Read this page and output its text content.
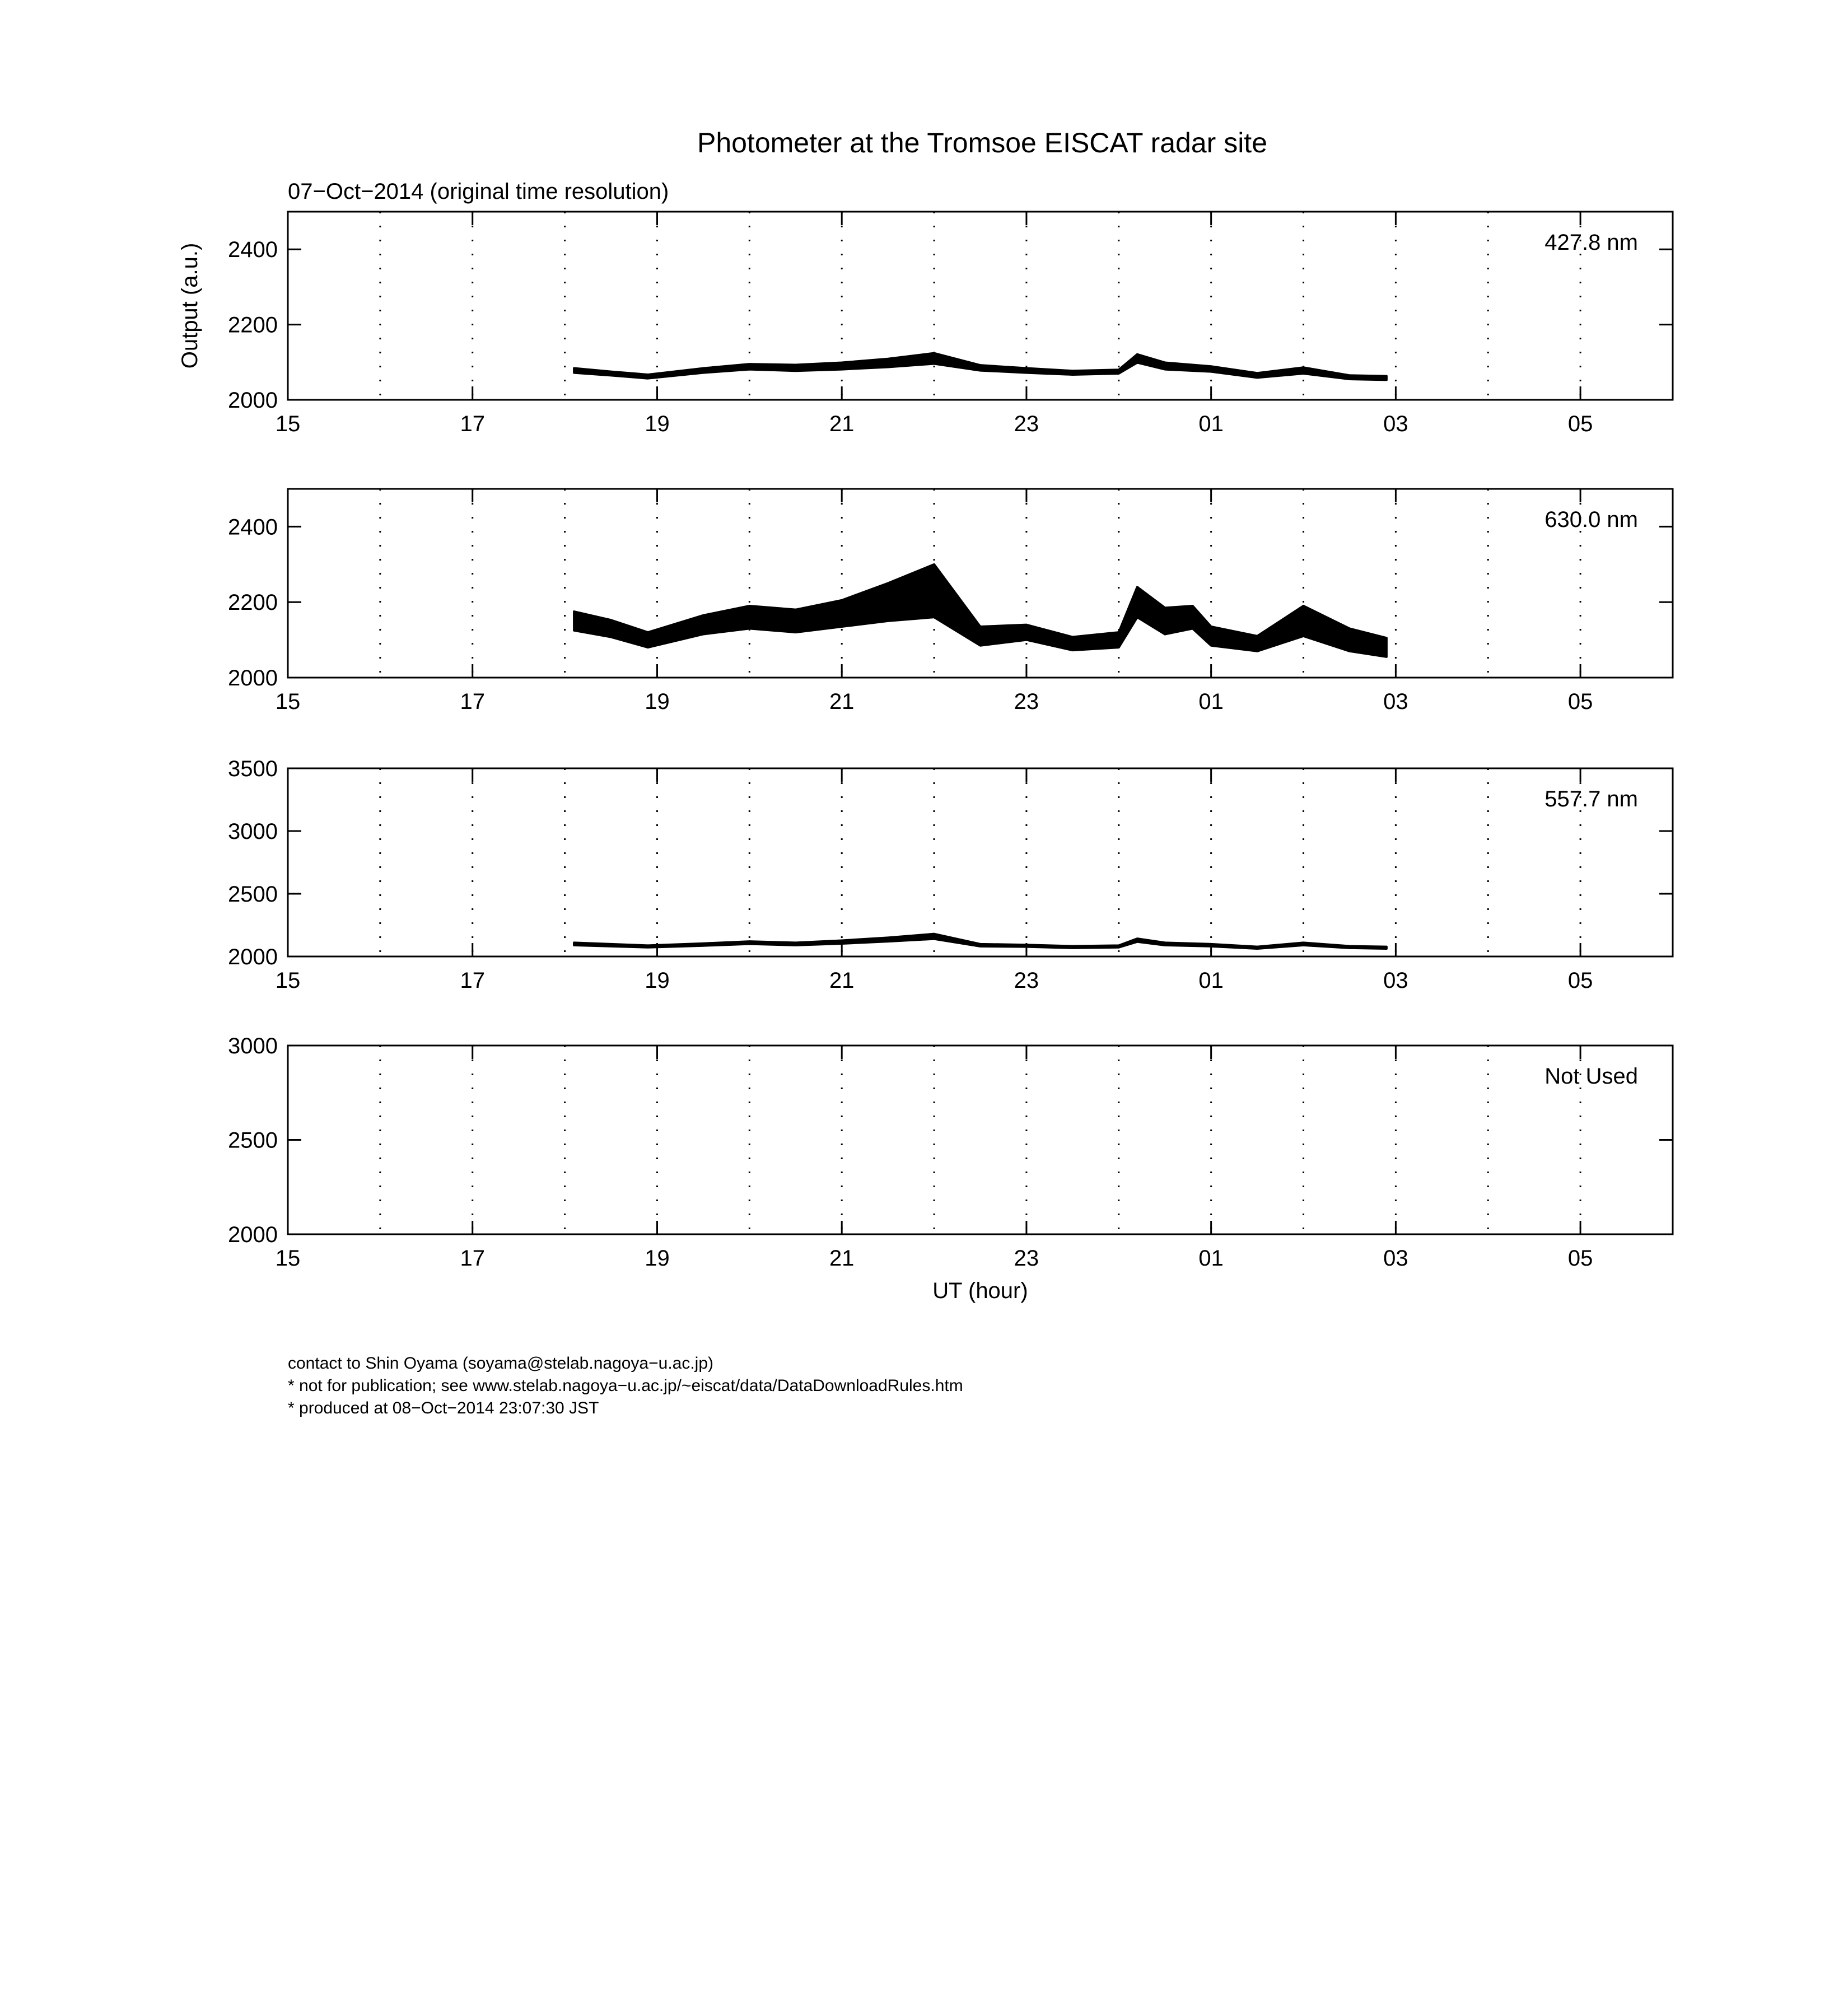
Photometer at the Tromsoe EISCAT radar site
07−Oct−2014 (original time resolution)
2000
2200
2400
15	17	19	21	23	01	03	05
427.8 nm
Output (a.u.)
2000
2200
2400
15	17	19	21	23	01	03	05
630.0 nm
2000
2500
3000
3500
15	17	19	21	23	01	03	05
557.7 nm
2000
2500
3000
15	17	19	21	23	01	03	05
Not Used
UT (hour)
contact to Shin Oyama (soyama@stelab.nagoya−u.ac.jp)
* not for publication; see www.stelab.nagoya−u.ac.jp/~eiscat/data/DataDownloadRules.htm
* produced at 08−Oct−2014 23:07:30 JST
